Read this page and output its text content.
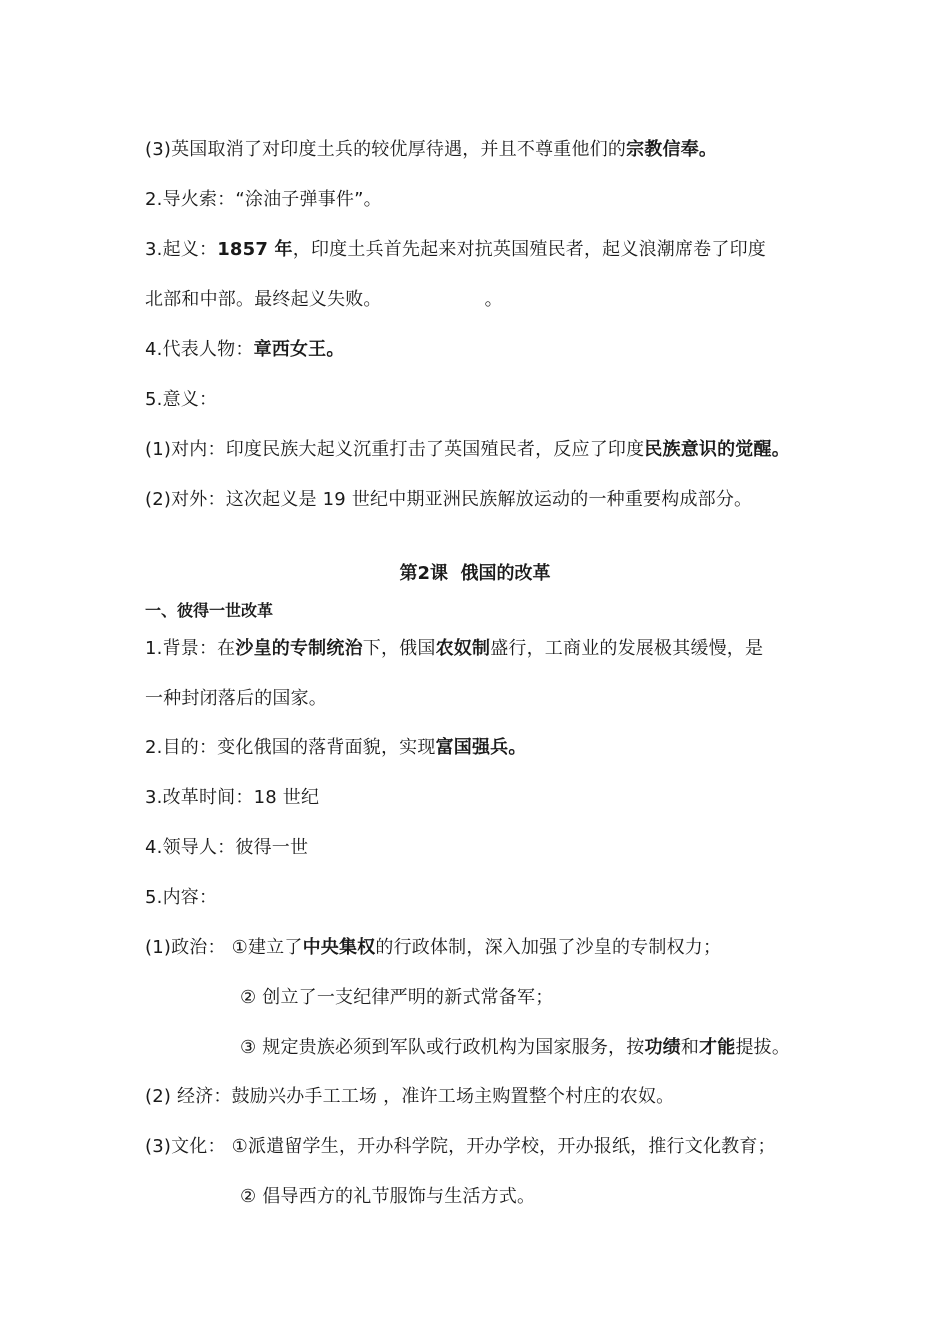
(3)英国取消了对印度土兵的较优厚待遇，并且不尊重他们的宗教信奉。
2.导火索：“涂油子弹事件”。
3.起义：1857 年，印度土兵首先起来对抗英国殖民者，起义浪潮席卷了印度
北部和中部。最终起义失败。	。
4.代表人物：章西女王。
5.意义：
(1)对内：印度民族大起义沉重打击了英国殖民者，反应了印度民族意识的觉醒。
(2)对外：这次起义是 19 世纪中期亚洲民族解放运动的一种重要构成部分。
第2课  俄国的改革
一、彼得一世改革
1.背景：在沙皇的专制统治下，俄国农奴制盛行，工商业的发展极其缓慢，是
一种封闭落后的国家。
2.目的：变化俄国的落背面貌，实现富国强兵。
3.改革时间：18 世纪
4.领导人：彼得一世
5.内容：
(1)政治： ①建立了中央集权的行政体制，深入加强了沙皇的专制权力；
② 创立了一支纪律严明的新式常备军；
③ 规定贵族必须到军队或行政机构为国家服务，按功绩和才能提拔。
(2) 经济：鼓励兴办手工工场 ，准许工场主购置整个村庄的农奴。
(3)文化： ①派遣留学生，开办科学院，开办学校，开办报纸，推行文化教育；
② 倡导西方的礼节服饰与生活方式。
